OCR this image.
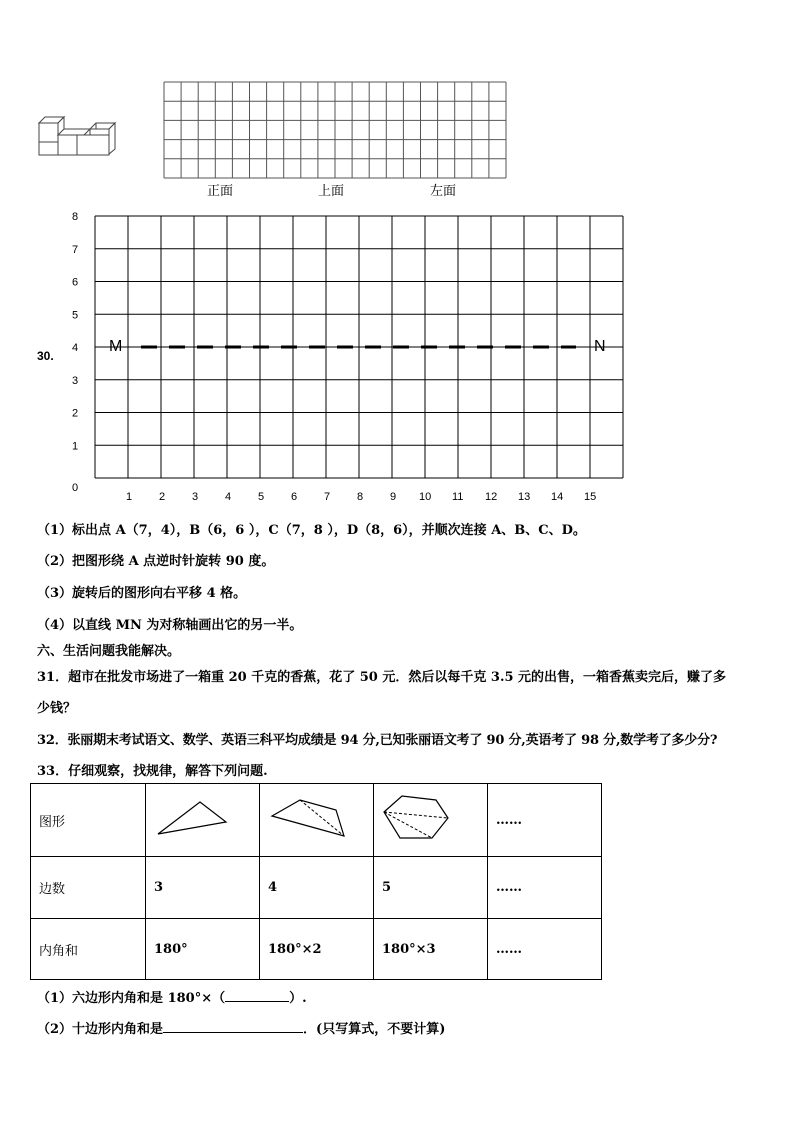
正面	上面	左面
8
7
6
5
4
3
2
1
0
1 2 3 4 5 6 7 8 9 10 11 12 13 14 15
30.
M	N
（1）标出点 A（7，4），B（6，6 ），C（7，8 ），D（8，6），并顺次连接 A、B、C、D。
（2）把图形绕 A 点逆时针旋转 90 度。
（3）旋转后的图形向右平移 4 格。
（4）以直线 MN 为对称轴画出它的另一半。
六、生活问题我能解决。
31．超市在批发市场进了一箱重 20 千克的香蕉，花了 50 元．然后以每千克 3.5 元的出售，一箱香蕉卖完后，赚了多
少钱？
32．张丽期末考试语文、数学、英语三科平均成绩是 94 分,已知张丽语文考了 90 分,英语考了 98 分,数学考了多少分?
33．仔细观察，找规律，解答下列问题.
图形				……
边数	3	4	5	……
内角和	180°	180°×2	180°×3	……
（1）六边形内角和是 180°×（	）.
（2）十边形内角和是	．(只写算式，不要计算)
